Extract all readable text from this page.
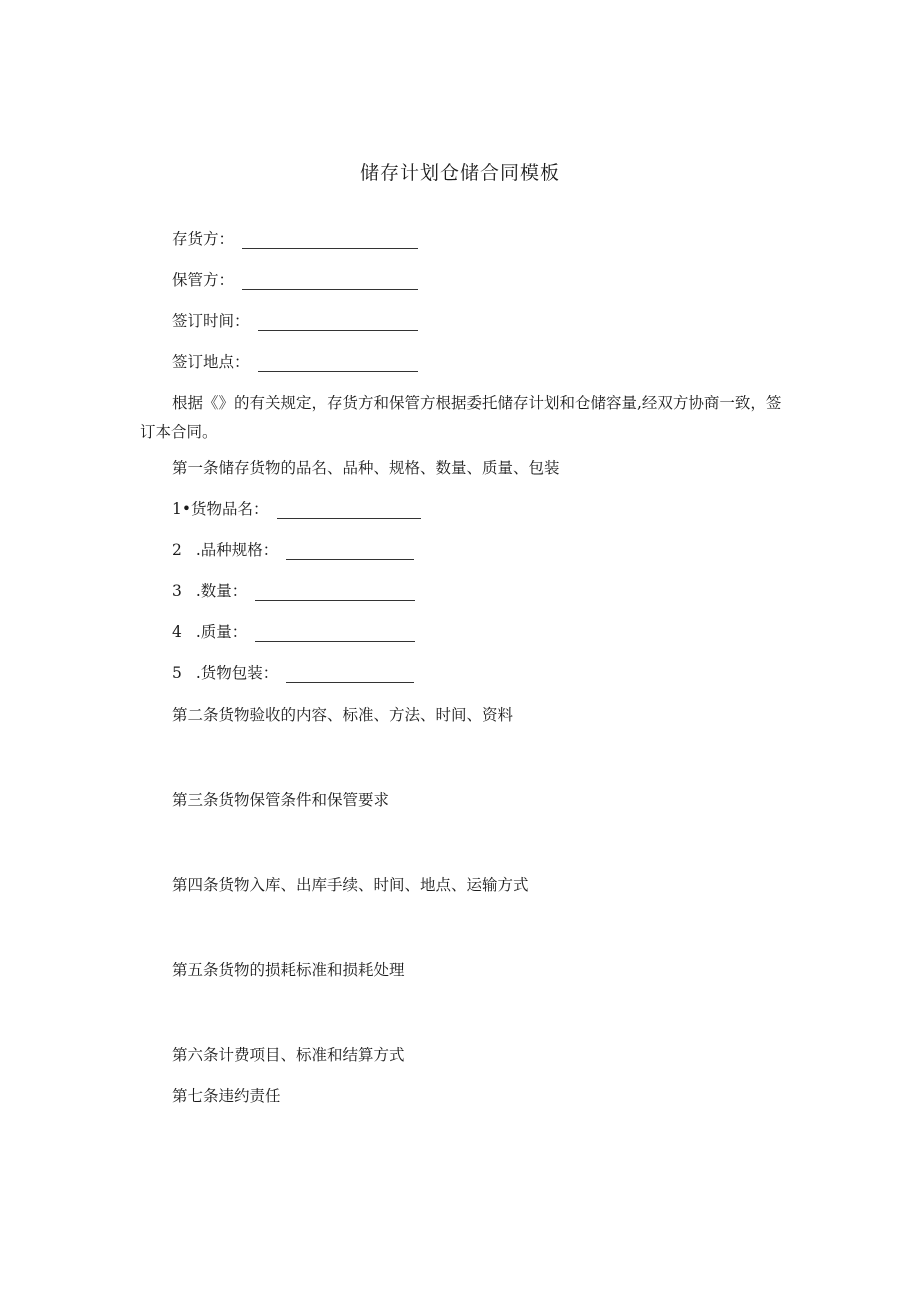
储存计划仓储合同模板
存货方：
保管方：
签订时间：
签订地点：
根据《》的有关规定，存货方和保管方根据委托储存计划和仓储容量,经双方协商一致，签订本合同。
第一条储存货物的品名、品种、规格、数量、质量、包装
1•货物品名：
2 .品种规格：
3 .数量：
4 .质量：
5 .货物包装：
第二条货物验收的内容、标准、方法、时间、资料
第三条货物保管条件和保管要求
第四条货物入库、出库手续、时间、地点、运输方式
第五条货物的损耗标准和损耗处理
第六条计费项目、标准和结算方式
第七条违约责任
